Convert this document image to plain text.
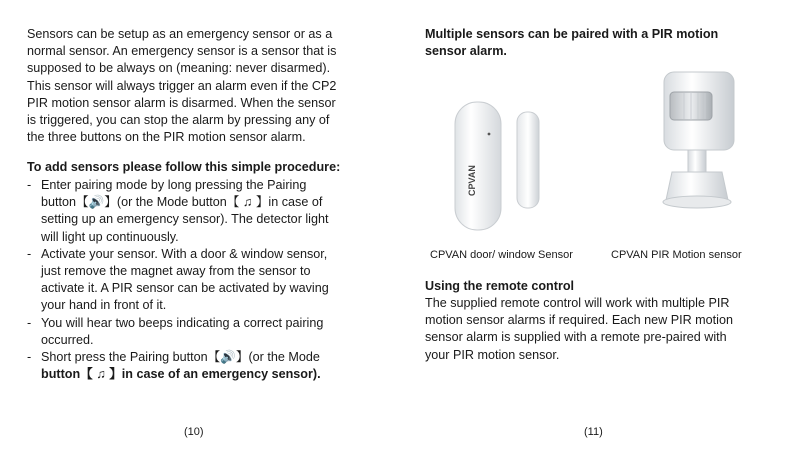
Sensors can be setup as an emergency sensor or as a
normal sensor. An emergency sensor is a sensor that is
supposed to be always on (meaning: never disarmed).
This sensor will always trigger an alarm even if the CP2
PIR motion sensor alarm is disarmed. When the sensor
is triggered, you can stop the alarm by pressing any of
the three buttons on the PIR motion sensor alarm.

To add sensors please follow this simple procedure:
- Enter pairing mode by long pressing the Pairing
button【🔊】(or the Mode button【 ♫ 】in case of
setting up an emergency sensor). The detector light
will light up continuously.
- Activate your sensor. With a door & window sensor,
just remove the magnet away from the sensor to
activate it. A PIR sensor can be activated by waving
your hand in front of it.
- You will hear two beeps indicating a correct pairing
occurred.
- Short press the Pairing button【🔊】(or the Mode
button【 ♫ 】in case of an emergency sensor).
(10)

Multiple sensors can be paired with a PIR motion
sensor alarm.

CPVAN
CPVAN door/ window Sensor	CPVAN PIR Motion sensor
Using the remote control

The supplied remote control will work with multiple PIR
motion sensor alarms if required. Each new PIR motion
sensor alarm is supplied with a remote pre-paired with
your PIR motion sensor.

(11)
